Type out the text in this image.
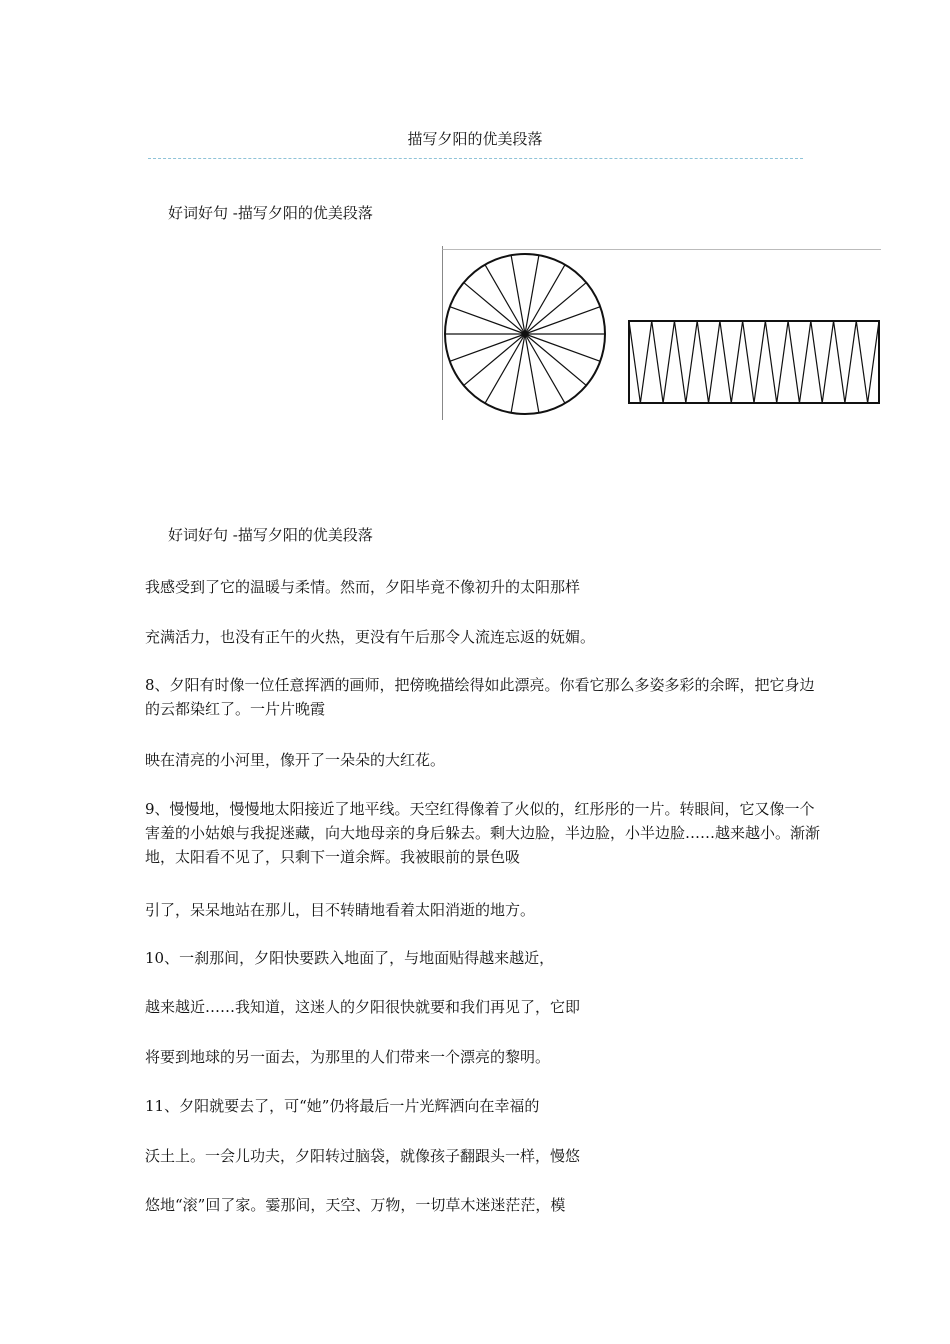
描写夕阳的优美段落
好词好句 -描写夕阳的优美段落
好词好句 -描写夕阳的优美段落

我感受到了它的温暖与柔情。然而，夕阳毕竟不像初升的太阳那样

充满活力，也没有正午的火热，更没有午后那令人流连忘返的妩媚。

8、夕阳有时像一位任意挥洒的画师，把傍晚描绘得如此漂亮。你看它那么多姿多彩的余晖，把它身边的云都染红了。一片片晚霞

映在清亮的小河里，像开了一朵朵的大红花。

9、慢慢地，慢慢地太阳接近了地平线。天空红得像着了火似的，红彤彤的一片。转眼间，它又像一个害羞的小姑娘与我捉迷藏，向大地母亲的身后躲去。剩大边脸，半边脸，小半边脸……越来越小。渐渐地，太阳看不见了，只剩下一道余辉。我被眼前的景色吸

引了，呆呆地站在那儿，目不转睛地看着太阳消逝的地方。

10、一刹那间，夕阳快要跌入地面了，与地面贴得越来越近，

越来越近……我知道，这迷人的夕阳很快就要和我们再见了，它即

将要到地球的另一面去，为那里的人们带来一个漂亮的黎明。

11、夕阳就要去了，可“她”仍将最后一片光辉洒向在幸福的

沃土上。一会儿功夫，夕阳转过脑袋，就像孩子翻跟头一样，慢悠

悠地“滚”回了家。霎那间，天空、万物，一切草木迷迷茫茫，模
